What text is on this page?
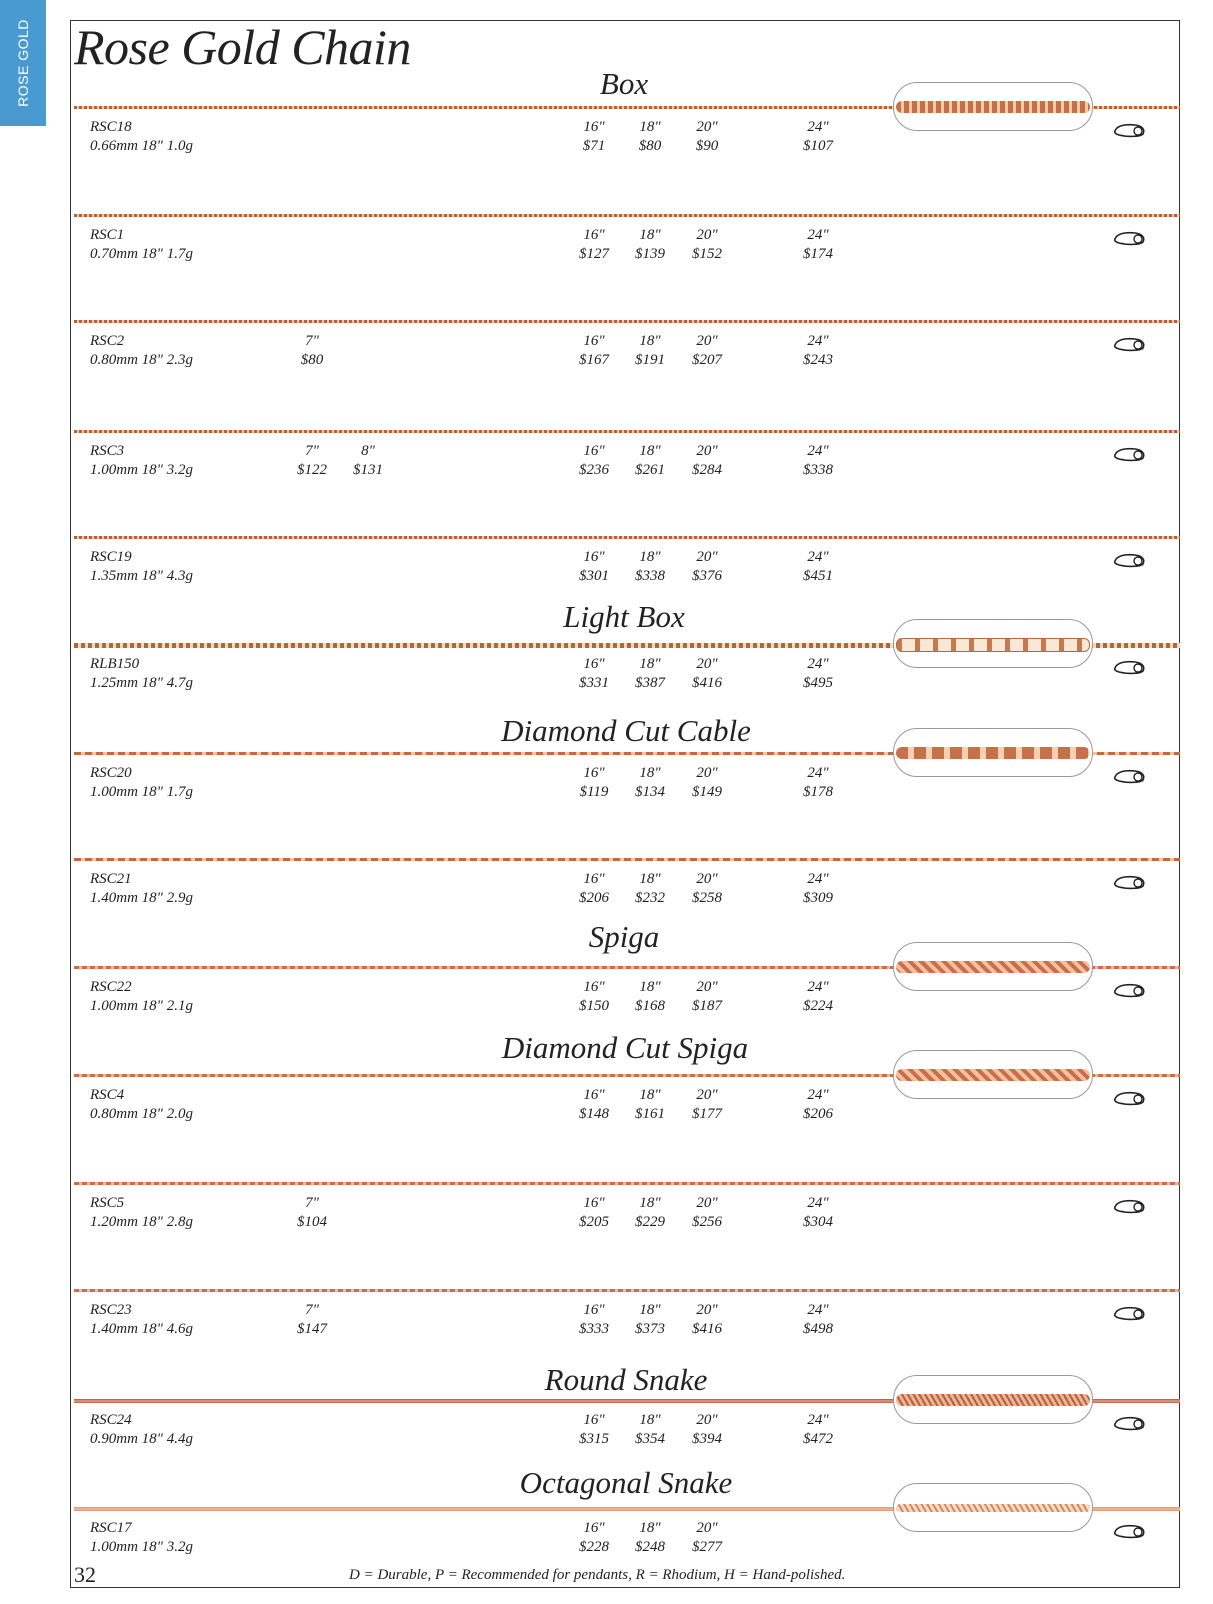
ROSE GOLD Rose Gold Chain
Box
Light Box
Diamond Cut Cable
Spiga
Diamond Cut Spiga
Round Snake
Octagonal Snake
RSC18
0.66mm 18" 1.0g
16"
$71
18"
$80
20"
$90
24"
$107
RSC1
0.70mm 18" 1.7g
16"
$127
18"
$139
20"
$152
24"
$174
RSC2
0.80mm 18" 2.3g
7"
$80
16"
$167
18"
$191
20"
$207
24"
$243
RSC3
1.00mm 18" 3.2g
7"
$122
8"
$131
16"
$236
18"
$261
20"
$284
24"
$338
RSC19
1.35mm 18" 4.3g
16"
$301
18"
$338
20"
$376
24"
$451
RLB150
1.25mm 18" 4.7g
16"
$331
18"
$387
20"
$416
24"
$495
RSC20
1.00mm 18" 1.7g
16"
$119
18"
$134
20"
$149
24"
$178
RSC21
1.40mm 18" 2.9g
16"
$206
18"
$232
20"
$258
24"
$309
RSC22
1.00mm 18" 2.1g
16"
$150
18"
$168
20"
$187
24"
$224
RSC4
0.80mm 18" 2.0g
16"
$148
18"
$161
20"
$177
24"
$206
RSC5
1.20mm 18" 2.8g
7"
$104
16"
$205
18"
$229
20"
$256
24"
$304
RSC23
1.40mm 18" 4.6g
7"
$147
16"
$333
18"
$373
20"
$416
24"
$498
RSC24
0.90mm 18" 4.4g
16"
$315
18"
$354
20"
$394
24"
$472
RSC17
1.00mm 18" 3.2g
16"
$228
18"
$248
20"
$277
32	D = Durable, P = Recommended for pendants, R = Rhodium, H = Hand-polished.
